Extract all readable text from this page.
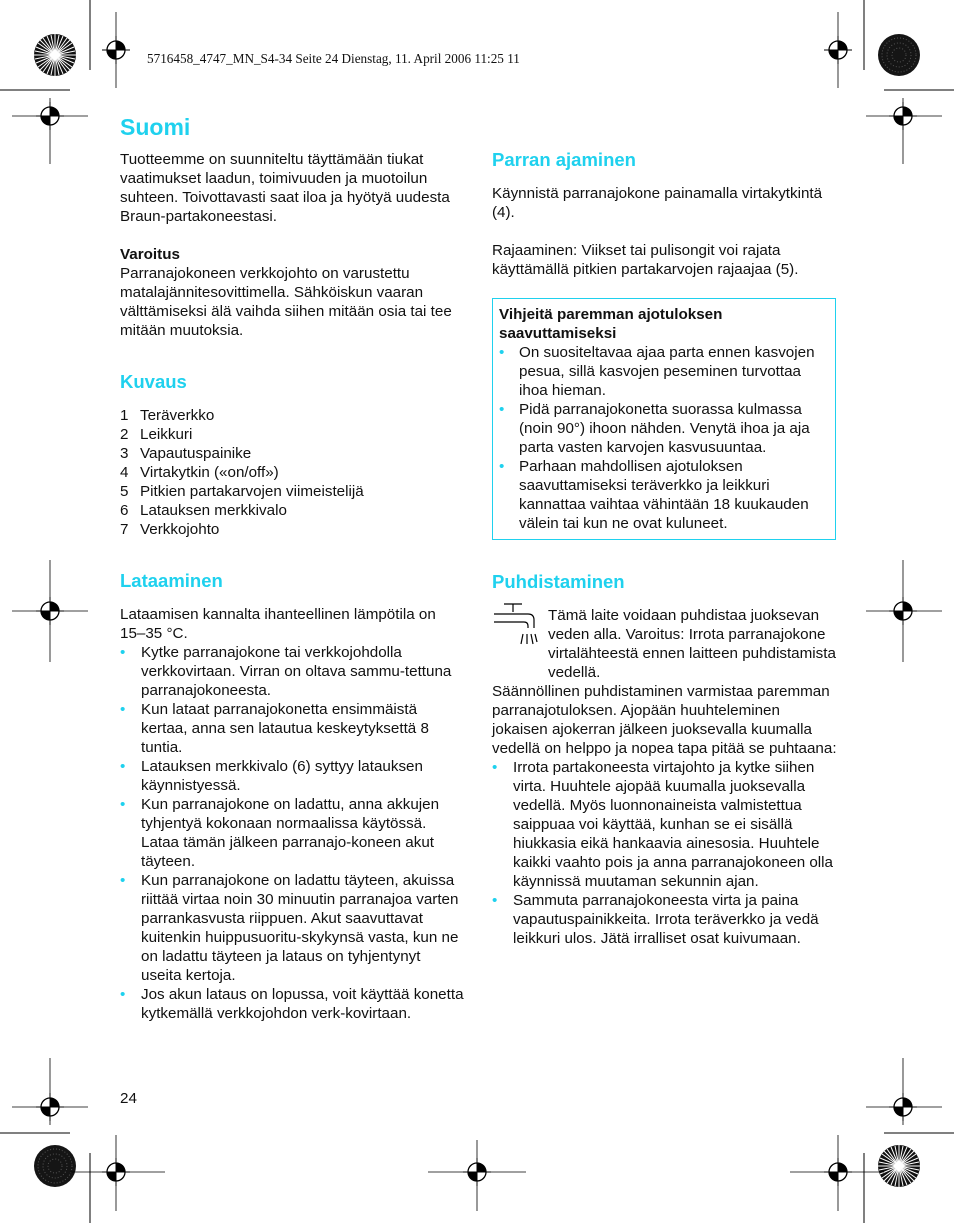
5716458_4747_MN_S4-34 Seite 24 Dienstag, 11. April 2006 11:25 11
Suomi

Tuotteemme on suunniteltu täyttämään tiukat vaatimukset laadun, toimivuuden ja muotoilun suhteen. Toivottavasti saat iloa ja hyötyä uudesta Braun-partakoneestasi.

Varoitus

Parranajokoneen verkkojohto on varustettu matalajännitesovittimella. Sähköiskun vaaran välttämiseksi älä vaihda siihen mitään osia tai tee mitään muutoksia.

Kuvaus
1 Teräverkko
2 Leikkuri
3 Vapautuspainike
4 Virtakytkin («on/off»)
5 Pitkien partakarvojen viimeistelijä
6 Latauksen merkkivalo
7 Verkkojohto
Lataaminen

Lataamisen kannalta ihanteellinen lämpötila on 15–35 °C.

• Kytke parranajokone tai verkkojohdolla verkkovirtaan. Virran on oltava sammu-tettuna parranajokoneesta.
• Kun lataat parranajokonetta ensimmäistä kertaa, anna sen latautua keskeytyksettä 8 tuntia.
• Latauksen merkkivalo (6) syttyy latauksen käynnistyessä.
• Kun parranajokone on ladattu, anna akkujen tyhjentyä kokonaan normaalissa käytössä. Lataa tämän jälkeen parranajo-koneen akut täyteen.
• Kun parranajokone on ladattu täyteen, akuissa riittää virtaa noin 30 minuutin parranajoa varten parrankasvusta riippuen. Akut saavuttavat kuitenkin huippusuoritu-skykynsä vasta, kun ne on ladattu täyteen ja lataus on tyhjentynyt useita kertoja.
• Jos akun lataus on lopussa, voit käyttää konetta kytkemällä verkkojohdon verk-kovirtaan.
Parran ajaminen

Käynnistä parranajokone painamalla virtakytkintä (4).

Rajaaminen: Viikset tai pulisongit voi rajata käyttämällä pitkien partakarvojen rajaajaa (5).

Vihjeitä paremman ajotuloksen saavuttamiseksi

• On suositeltavaa ajaa parta ennen kasvojen pesua, sillä kasvojen peseminen turvottaa ihoa hieman.
• Pidä parranajokonetta suorassa kulmassa (noin 90°) ihoon nähden. Venytä ihoa ja aja parta vasten karvojen kasvusuuntaa.
• Parhaan mahdollisen ajotuloksen saavuttamiseksi teräverkko ja leikkuri kannattaa vaihtaa vähintään 18 kuukauden välein tai kun ne ovat kuluneet.
Puhdistaminen

Tämä laite voidaan puhdistaa juoksevan veden alla. Varoitus: Irrota parranajokone virtalähteestä ennen laitteen puhdistamista vedellä.

Säännöllinen puhdistaminen varmistaa paremman parranajotuloksen. Ajopään huuhteleminen jokaisen ajokerran jälkeen juoksevalla kuumalla vedellä on helppo ja nopea tapa pitää se puhtaana:

• Irrota partakoneesta virtajohto ja kytke siihen virta. Huuhtele ajopää kuumalla juoksevalla vedellä. Myös luonnonaineista valmistettua saippuaa voi käyttää, kunhan se ei sisällä hiukkasia eikä hankaavia ainesosia. Huuhtele kaikki vaahto pois ja anna parranajokoneen olla käynnissä muutaman sekunnin ajan.
• Sammuta parranajokoneesta virta ja paina vapautuspainikkeita. Irrota teräverkko ja vedä leikkuri ulos. Jätä irralliset osat kuivumaan.
24
